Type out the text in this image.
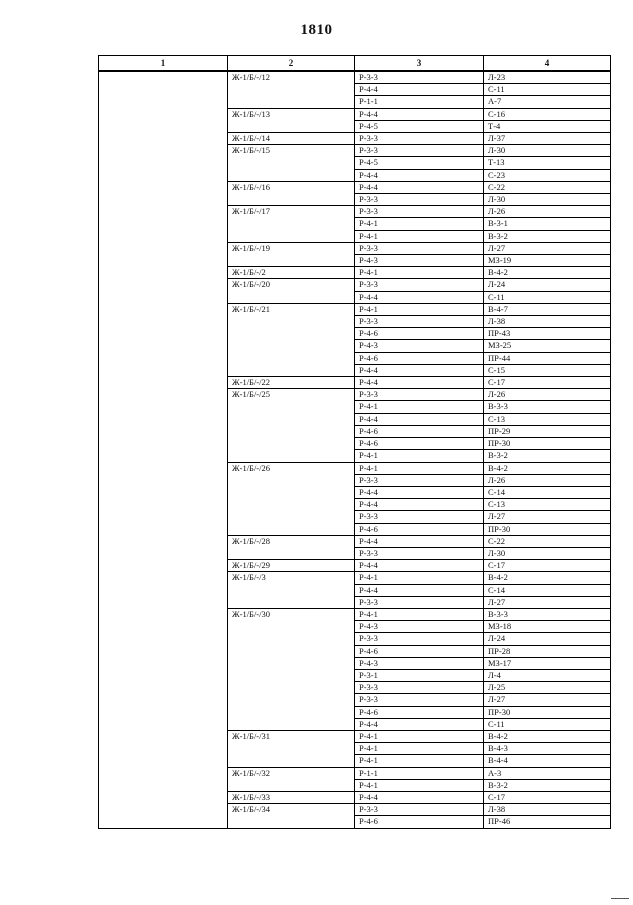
1810
1	2	3	4
	Ж-1/Б/-/12	Р-3-3	Л-23
		Р-4-4	С-11
		Р-1-1	А-7
	Ж-1/Б/-/13	Р-4-4	С-16
		Р-4-5	Т-4
	Ж-1/Б/-/14	Р-3-3	Л-37
	Ж-1/Б/-/15	Р-3-3	Л-30
		Р-4-5	Т-13
		Р-4-4	С-23
	Ж-1/Б/-/16	Р-4-4	С-22
		Р-3-3	Л-30
	Ж-1/Б/-/17	Р-3-3	Л-26
		Р-4-1	В-3-1
		Р-4-1	В-3-2
	Ж-1/Б/-/19	Р-3-3	Л-27
		Р-4-3	МЗ-19
	Ж-1/Б/-/2	Р-4-1	В-4-2
	Ж-1/Б/-/20	Р-3-3	Л-24
		Р-4-4	С-11
	Ж-1/Б/-/21	Р-4-1	В-4-7
		Р-3-3	Л-38
		Р-4-6	ПР-43
		Р-4-3	МЗ-25
		Р-4-6	ПР-44
		Р-4-4	С-15
	Ж-1/Б/-/22	Р-4-4	С-17
	Ж-1/Б/-/25	Р-3-3	Л-26
		Р-4-1	В-3-3
		Р-4-4	С-13
		Р-4-6	ПР-29
		Р-4-6	ПР-30
		Р-4-1	В-3-2
	Ж-1/Б/-/26	Р-4-1	В-4-2
		Р-3-3	Л-26
		Р-4-4	С-14
		Р-4-4	С-13
		Р-3-3	Л-27
		Р-4-6	ПР-30
	Ж-1/Б/-/28	Р-4-4	С-22
		Р-3-3	Л-30
	Ж-1/Б/-/29	Р-4-4	С-17
	Ж-1/Б/-/3	Р-4-1	В-4-2
		Р-4-4	С-14
		Р-3-3	Л-27
	Ж-1/Б/-/30	Р-4-1	В-3-3
		Р-4-3	МЗ-18
		Р-3-3	Л-24
		Р-4-6	ПР-28
		Р-4-3	МЗ-17
		Р-3-1	Л-4
		Р-3-3	Л-25
		Р-3-3	Л-27
		Р-4-6	ПР-30
		Р-4-4	С-11
	Ж-1/Б/-/31	Р-4-1	В-4-2
		Р-4-1	В-4-3
		Р-4-1	В-4-4
	Ж-1/Б/-/32	Р-1-1	А-3
		Р-4-1	В-3-2
	Ж-1/Б/-/33	Р-4-4	С-17
	Ж-1/Б/-/34	Р-3-3	Л-38
		Р-4-6	ПР-46
